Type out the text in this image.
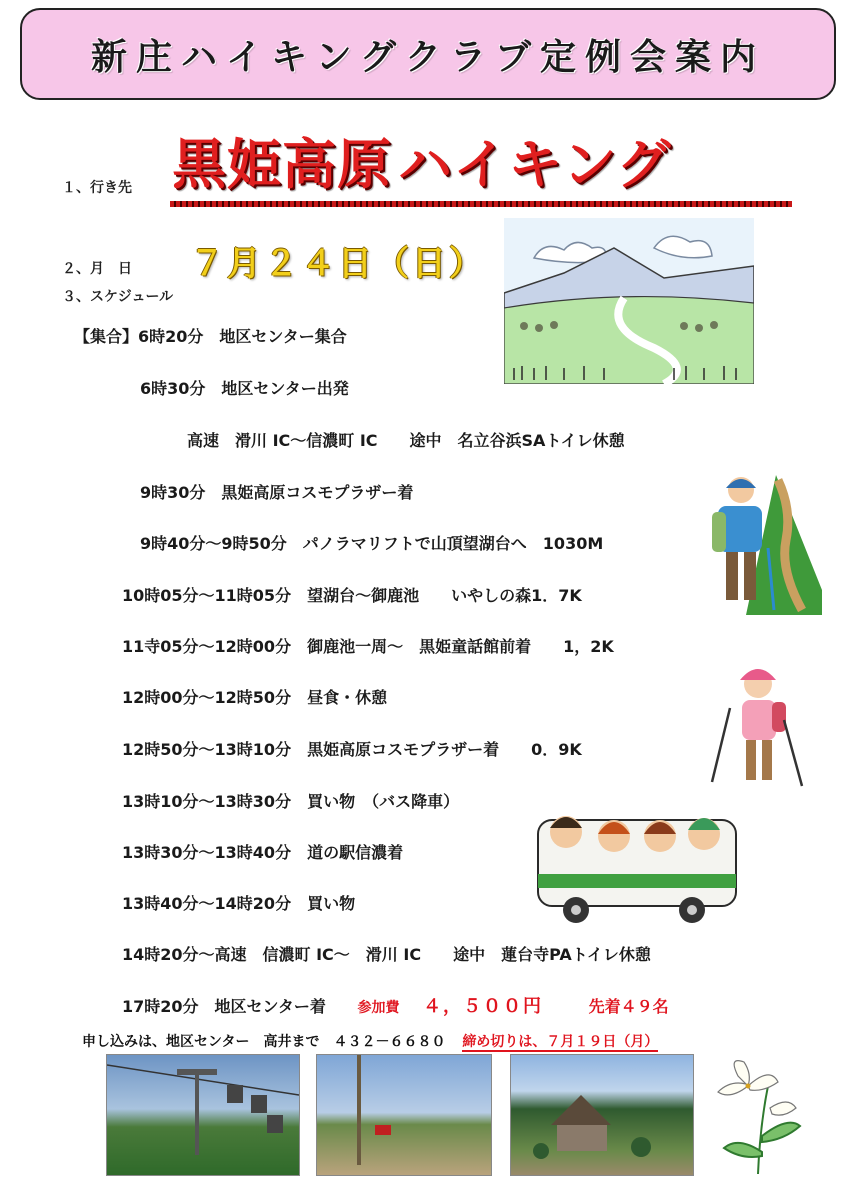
新庄ハイキングクラブ定例会案内
１、行き先 黒姫高原 ハイキング
２、月　日 ７月２４日（日）
３、スケジュール
【集合】6時20分　地区センター集合
6時30分　地区センター出発
高速　滑川 IC～信濃町 IC　　途中　名立谷浜SAトイレ休憩
9時30分　黒姫高原コスモプラザー着
9時40分～9時50分　パノラマリフトで山頂望湖台へ　1030M
10時05分～11時05分　望湖台～御鹿池　　いやしの森1．7K
11寺05分～12時00分　御鹿池一周～　黒姫童話館前着　　1，2K
12時00分～12時50分　昼食・休憩
12時50分～13時10分　黒姫高原コスモプラザー着　　0．9K
13時10分～13時30分　買い物　（バス降車）
13時30分～13時40分　道の駅信濃着
13時40分～14時20分　買い物
14時20分～高速　信濃町 IC～　滑川 IC　　途中　蓮台寺PAトイレ休憩
17時20分　地区センター着 参加費 ４，５００円	先着４９名
申し込みは、地区センター　高井まで　４３２－６６８０ 締め切りは、７月１９日（月）
